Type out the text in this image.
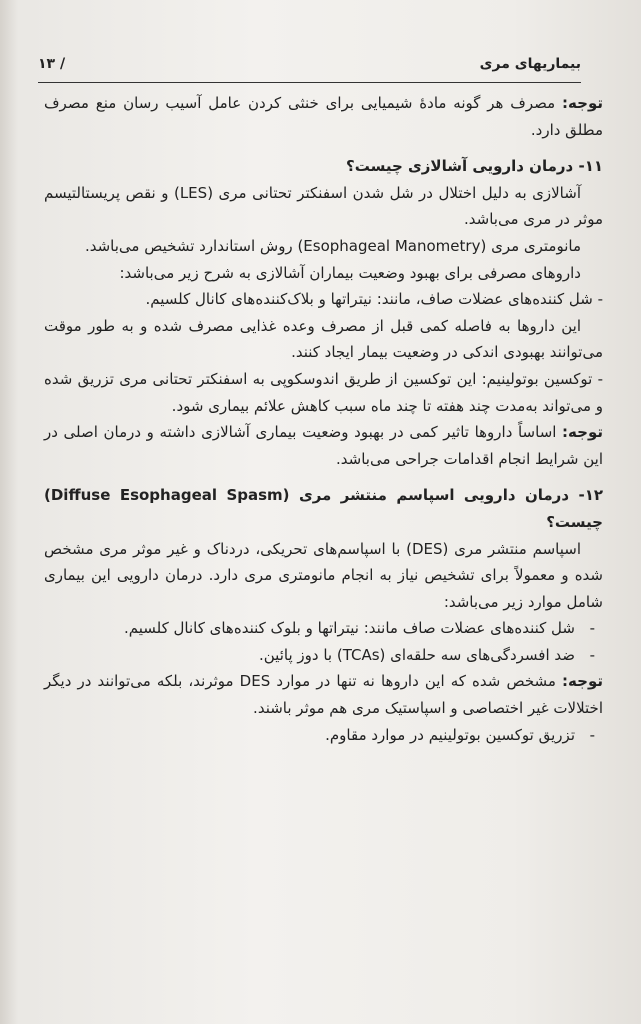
بیماریهای مری
/ ۱۳

توجه: مصرف هر گونه مادهٔ شیمیایی برای خنثی کردن عامل آسیب رسان منع مصرف مطلق دارد.

۱۱- درمان دارویی آشالازی چیست؟

آشالازی به دلیل اختلال در شل شدن اسفنکتر تحتانی مری (LES) و نقص پریستالتیسم موثر در مری می‌باشد.

مانومتری مری (Esophageal Manometry) روش استاندارد تشخیص می‌باشد.

داروهای مصرفی برای بهبود وضعیت بیماران آشالازی به شرح زیر می‌باشد:

- شل کننده‌های عضلات صاف، مانند: نیتراتها و بلاک‌کننده‌های کانال کلسیم.

این داروها به فاصله کمی قبل از مصرف وعده غذایی مصرف شده و به طور موقت می‌توانند بهبودی اندکی در وضعیت بیمار ایجاد کنند.

- توکسین بوتولینیم: این توکسین از طریق اندوسکوپی به اسفنکتر تحتانی مری تزریق شده و می‌تواند به‌مدت چند هفته تا چند ماه سبب کاهش علائم بیماری شود.

توجه: اساساً داروها تاثیر کمی در بهبود وضعیت بیماری آشالازی داشته و درمان اصلی در این شرایط انجام اقدامات جراحی می‌باشد.

۱۲- درمان دارویی اسپاسم منتشر مری (Diffuse Esophageal Spasm) چیست؟

اسپاسم منتشر مری (DES) با اسپاسم‌های تحریکی، دردناک و غیر موثر مری مشخص شده و معمولاً برای تشخیص نیاز به انجام مانومتری مری دارد. درمان دارویی این بیماری شامل موارد زیر می‌باشد:

-
شل کننده‌های عضلات صاف مانند: نیتراتها و بلوک کننده‌های کانال کلسیم.

-
ضد افسردگی‌های سه حلقه‌ای (TCAs) با دوز پائین.

توجه: مشخص شده که این داروها نه تنها در موارد DES موثرند، بلکه می‌توانند در دیگر اختلالات غیر اختصاصی و اسپاستیک مری هم موثر باشند.

-
تزریق توکسین بوتولینیم در موارد مقاوم.
